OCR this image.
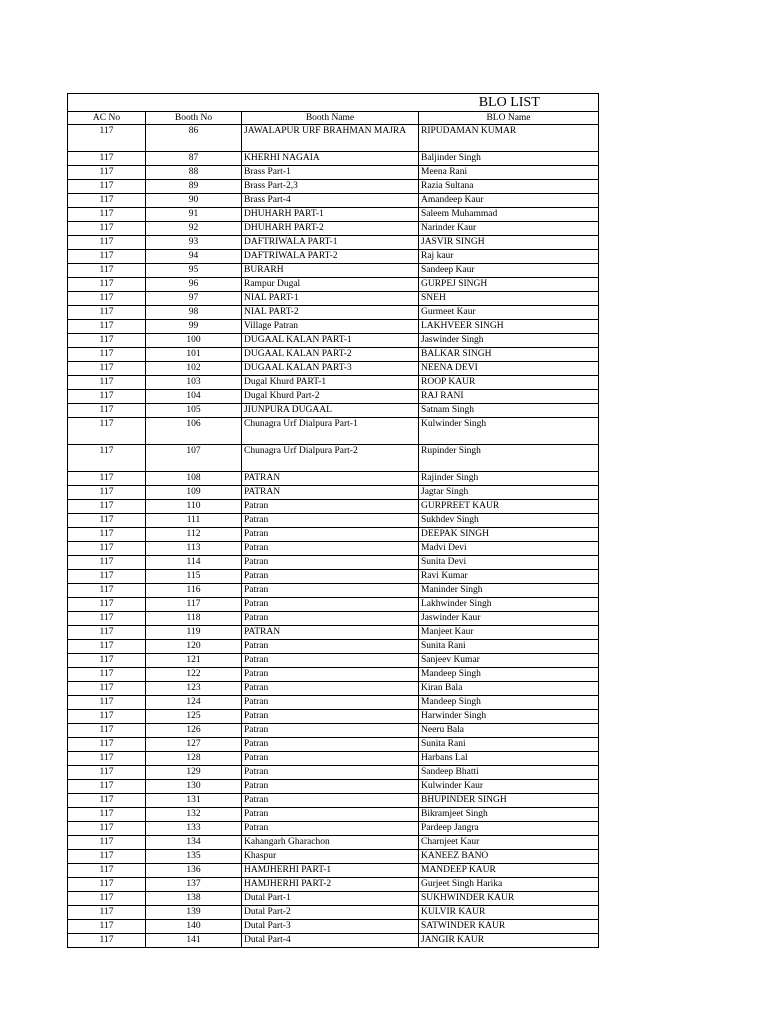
			BLO LIST
AC No	Booth No	Booth Name	BLO Name
117	86	JAWALAPUR URF BRAHMAN MAJRA	RIPUDAMAN KUMAR
117	87	KHERHI NAGAIA	Baljinder Singh
117	88	Brass Part-1	Meena Rani
117	89	Brass Part-2,3	Razia Sultana
117	90	Brass Part-4	Amandeep Kaur
117	91	DHUHARH PART-1	Saleem Muhammad
117	92	DHUHARH PART-2	Narinder Kaur
117	93	DAFTRIWALA PART-1	JASVIR SINGH
117	94	DAFTRIWALA PART-2	Raj kaur
117	95	BURARH	Sandeep Kaur
117	96	Rampur Dugal	GURPEJ SINGH
117	97	NIAL PART-1	SNEH
117	98	NIAL PART-2	Gurmeet Kaur
117	99	Village Patran	LAKHVEER SINGH
117	100	DUGAAL KALAN PART-1	Jaswinder Singh
117	101	DUGAAL KALAN PART-2	BALKAR SINGH
117	102	DUGAAL KALAN PART-3	NEENA DEVI
117	103	Dugal Khurd PART-1	ROOP KAUR
117	104	Dugal Khurd Part-2	RAJ RANI
117	105	JIUNPURA DUGAAL	Satnam Singh
117	106	Chunagra Urf Dialpura Part-1	Kulwinder Singh
117	107	Chunagra Urf Dialpura Part-2	Rupinder Singh
117	108	PATRAN	Rajinder Singh
117	109	PATRAN	Jagtar Singh
117	110	Patran	GURPREET KAUR
117	111	Patran	Sukhdev Singh
117	112	Patran	DEEPAK SINGH
117	113	Patran	Madvi Devi
117	114	Patran	Sunita Devi
117	115	Patran	Ravi Kumar
117	116	Patran	Maninder Singh
117	117	Patran	Lakhwinder Singh
117	118	Patran	Jaswinder Kaur
117	119	PATRAN	Manjeet Kaur
117	120	Patran	Sunita Rani
117	121	Patran	Sanjeev Kumar
117	122	Patran	Mandeep Singh
117	123	Patran	Kiran Bala
117	124	Patran	Mandeep Singh
117	125	Patran	Harwinder Singh
117	126	Patran	Neeru Bala
117	127	Patran	Sunita Rani
117	128	Patran	Harbans Lal
117	129	Patran	Sandeep Bhatti
117	130	Patran	Kulwinder Kaur
117	131	Patran	BHUPINDER SINGH
117	132	Patran	Bikramjeet Singh
117	133	Patran	Pardeep Jangra
117	134	Kahangarh Gharachon	Charnjeet Kaur
117	135	Khaspur	KANEEZ BANO
117	136	HAMJHERHI PART-1	MANDEEP KAUR
117	137	HAMJHERHI PART-2	Gurjeet Singh Harika
117	138	Dutal Part-1	SUKHWINDER KAUR
117	139	Dutal Part-2	KULVIR KAUR
117	140	Dutal Part-3	SATWINDER KAUR
117	141	Dutal Part-4	JANGIR KAUR
